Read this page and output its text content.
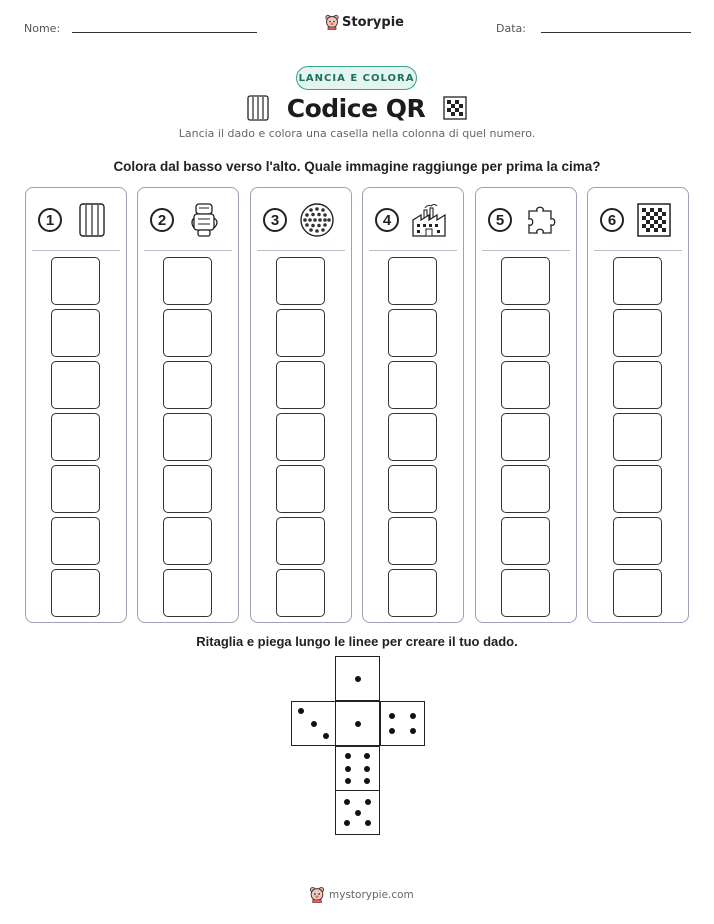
Nome:	Storypie	Data:
LANCIA E COLORA
Codice QR
Lancia il dado e colora una casella nella colonna di quel numero.
Colora dal basso verso l'alto. Quale immagine raggiunge per prima la cima?
1	2	3	4	5	6
Ritaglia e piega lungo le linee per creare il tuo dado.
mystorypie.com
